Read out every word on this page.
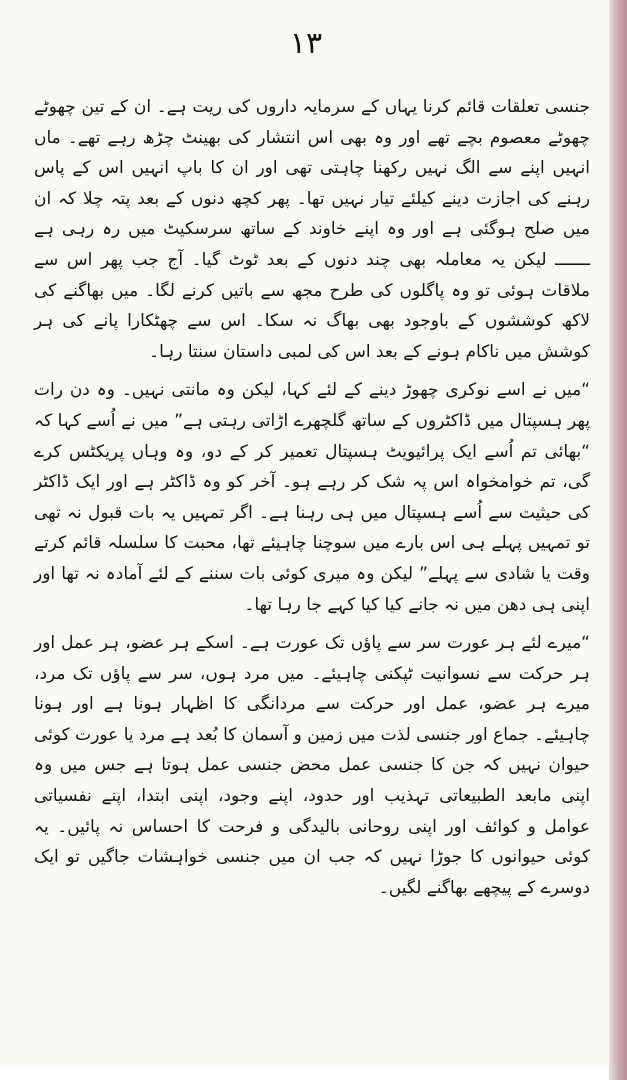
۱۳

جنسی تعلقات قائم کرنا یہاں کے سرمایہ داروں کی ریت ہے۔ ان کے تین چھوٹے چھوٹے معصوم بچے تھے اور وہ بھی اس انتشار کی بھینٹ چڑھ رہے تھے۔ ماں انہیں اپنے سے الگ نہیں رکھنا چاہتی تھی اور ان کا باپ انہیں اس کے پاس رہنے کی اجازت دینے کیلئے تیار نہیں تھا۔ پھر کچھ دنوں کے بعد پتہ چلا کہ ان میں صلح ہوگئی ہے اور وہ اپنے خاوند کے ساتھ سرسکیٹ میں رہ رہی ہے ـــــــ لیکن یہ معاملہ بھی چند دنوں کے بعد ٹوٹ گیا۔ آج جب پھر اس سے ملاقات ہوئی تو وہ پاگلوں کی طرح مجھ سے باتیں کرنے لگا۔ میں بھاگنے کی لاکھ کوششوں کے باوجود بھی بھاگ نہ سکا۔ اس سے چھٹکارا پانے کی ہر کوشش میں ناکام ہونے کے بعد اس کی لمبی داستان سنتا رہا۔

“میں نے اسے نوکری چھوڑ دینے کے لئے کہا، لیکن وہ مانتی نہیں۔ وہ دن رات پھر ہسپتال میں ڈاکٹروں کے ساتھ گلچھرے اڑاتی رہتی ہے” میں نے اُسے کہا کہ “بھائی تم اُسے ایک پرائیویٹ ہسپتال تعمیر کر کے دو، وہ وہاں پریکٹس کرے گی، تم خوامخواہ اس پہ شک کر رہے ہو۔ آخر کو وہ ڈاکٹر ہے اور ایک ڈاکٹر کی حیثیت سے اُسے ہسپتال میں ہی رہنا ہے۔ اگر تمہیں یہ بات قبول نہ تھی تو تمہیں پہلے ہی اس بارے میں سوچنا چاہیئے تھا، محبت کا سلسلہ قائم کرتے وقت یا شادی سے پہلے” لیکن وہ میری کوئی بات سننے کے لئے آمادہ نہ تھا اور اپنی ہی دھن میں نہ جانے کیا کیا کہے جا رہا تھا۔

“میرے لئے ہر عورت سر سے پاؤں تک عورت ہے۔ اسکے ہر عضو، ہر عمل اور ہر حرکت سے نسوانیت ٹپکنی چاہیئے۔ میں مرد ہوں، سر سے پاؤں تک مرد، میرے ہر عضو، عمل اور حرکت سے مردانگی کا اظہار ہونا ہے اور ہونا چاہیئے۔ جماع اور جنسی لذت میں زمین و آسمان کا بُعد ہے مرد یا عورت کوئی حیوان نہیں کہ جن کا جنسی عمل محض جنسی عمل ہوتا ہے جس میں وہ اپنی مابعد الطبیعاتی تہذیب اور حدود، اپنے وجود، اپنی ابتدا، اپنے نفسیاتی عوامل و کوائف اور اپنی روحانی بالیدگی و فرحت کا احساس نہ پائیں۔ یہ کوئی حیوانوں کا جوڑا نہیں کہ جب ان میں جنسی خواہشات جاگیں تو ایک دوسرے کے پیچھے بھاگنے لگیں۔
